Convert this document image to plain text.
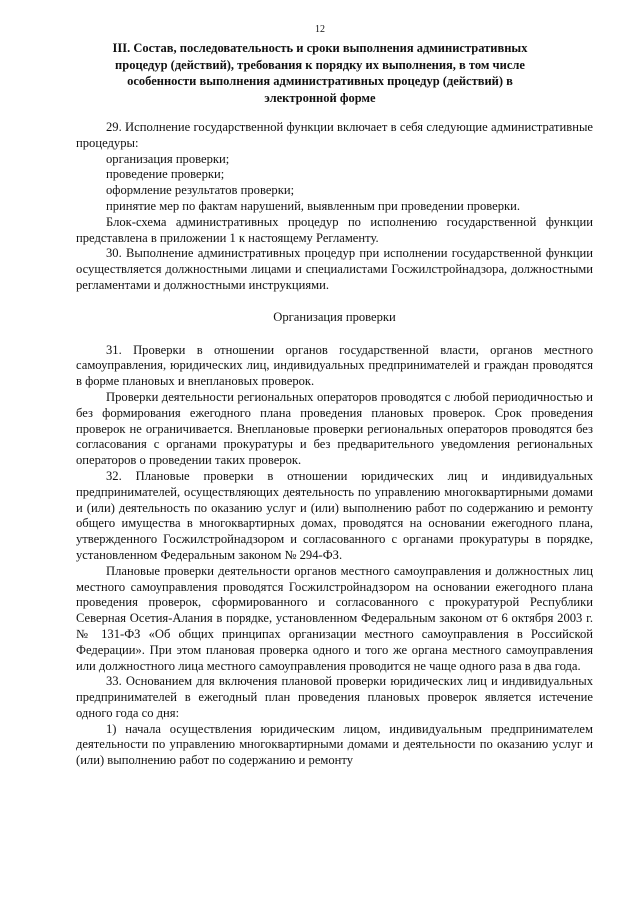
12
III. Состав, последовательность и сроки выполнения административных процедур (действий), требования к порядку их выполнения, в том числе особенности выполнения административных процедур (действий) в электронной форме

29. Исполнение государственной функции включает в себя следующие административные процедуры:

организация проверки;

проведение проверки;

оформление результатов проверки;

принятие мер по фактам нарушений, выявленным при проведении проверки.

Блок-схема административных процедур по исполнению государственной функции представлена в приложении 1 к настоящему Регламенту.

30. Выполнение административных процедур при исполнении государственной функции осуществляется должностными лицами и специалистами Госжилстройнадзора, должностными регламентами и должностными инструкциями.

Организация проверки

31. Проверки в отношении органов государственной власти, органов местного самоуправления, юридических лиц, индивидуальных предпринимателей и граждан проводятся в форме плановых и внеплановых проверок.

Проверки деятельности региональных операторов проводятся с любой периодичностью и без формирования ежегодного плана проведения плановых проверок. Срок проведения проверок не ограничивается. Внеплановые проверки региональных операторов проводятся без согласования с органами прокуратуры и без предварительного уведомления региональных операторов о проведении таких проверок.

32. Плановые проверки в отношении юридических лиц и индивидуальных предпринимателей, осуществляющих деятельность по управлению многоквартирными домами и (или) деятельность по оказанию услуг и (или) выполнению работ по содержанию и ремонту общего имущества в многоквартирных домах, проводятся на основании ежегодного плана, утвержденного Госжилстройнадзором и согласованного с органами прокуратуры в порядке, установленном Федеральным законом № 294-ФЗ.

Плановые проверки деятельности органов местного самоуправления и должностных лиц местного самоуправления проводятся Госжилстройнадзором на основании ежегодного плана проведения проверок, сформированного и согласованного с прокуратурой Республики Северная Осетия-Алания в порядке, установленном Федеральным законом от 6 октября 2003 г. № 131-ФЗ «Об общих принципах организации местного самоуправления в Российской Федерации». При этом плановая проверка одного и того же органа местного самоуправления или должностного лица местного самоуправления проводится не чаще одного раза в два года.

33. Основанием для включения плановой проверки юридических лиц и индивидуальных предпринимателей в ежегодный план проведения плановых проверок является истечение одного года со дня:

1) начала осуществления юридическим лицом, индивидуальным предпринимателем деятельности по управлению многоквартирными домами и деятельности по оказанию услуг и (или) выполнению работ по содержанию и ремонту
